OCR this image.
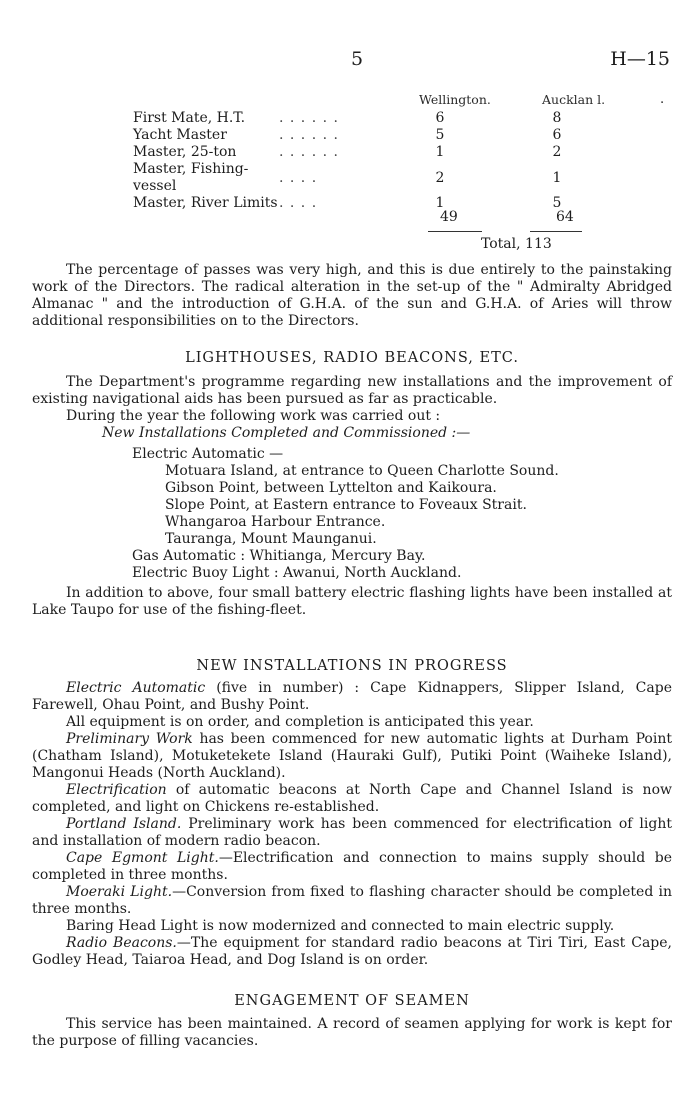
5	H—15
Wellington.	Aucklan l.	.
First Mate, H.T.	. . . . . .	6		8
Yacht Master	. . . . . .	5		6
Master, 25-ton	. . . . . .	1		2
Master, Fishing-vessel	. . . .	2		1
Master, River Limits	. . . .	1		5
49	64
Total, 113

The percentage of passes was very high, and this is due entirely to the painstaking work of the Directors. The radical alteration in the set-up of the " Admiralty Abridged Almanac " and the introduction of G.H.A. of the sun and G.H.A. of Aries will throw additional responsibilities on to the Directors.

LIGHTHOUSES, RADIO BEACONS, ETC.

The Department's programme regarding new installations and the improvement of existing navigational aids has been pursued as far as practicable.

During the year the following work was carried out :

New Installations Completed and Commissioned :—

Electric Automatic —

Motuara Island, at entrance to Queen Charlotte Sound.

Gibson Point, between Lyttelton and Kaikoura.

Slope Point, at Eastern entrance to Foveaux Strait.

Whangaroa Harbour Entrance.

Tauranga, Mount Maunganui.

Gas Automatic : Whitianga, Mercury Bay.

Electric Buoy Light : Awanui, North Auckland.

In addition to above, four small battery electric flashing lights have been installed at Lake Taupo for use of the fishing-fleet.

NEW INSTALLATIONS IN PROGRESS

Electric Automatic (five in number) : Cape Kidnappers, Slipper Island, Cape Farewell, Ohau Point, and Bushy Point.

All equipment is on order, and completion is anticipated this year.

Preliminary Work has been commenced for new automatic lights at Durham Point (Chatham Island), Motuketekete Island (Hauraki Gulf), Putiki Point (Waiheke Island), Mangonui Heads (North Auckland).

Electrification of automatic beacons at North Cape and Channel Island is now completed, and light on Chickens re-established.

Portland Island. Preliminary work has been commenced for electrification of light and installation of modern radio beacon.

Cape Egmont Light.—Electrification and connection to mains supply should be completed in three months.

Moeraki Light.—Conversion from fixed to flashing character should be completed in three months.

Baring Head Light is now modernized and connected to main electric supply.

Radio Beacons.—The equipment for standard radio beacons at Tiri Tiri, East Cape, Godley Head, Taiaroa Head, and Dog Island is on order.

ENGAGEMENT OF SEAMEN

This service has been maintained. A record of seamen applying for work is kept for the purpose of filling vacancies.
